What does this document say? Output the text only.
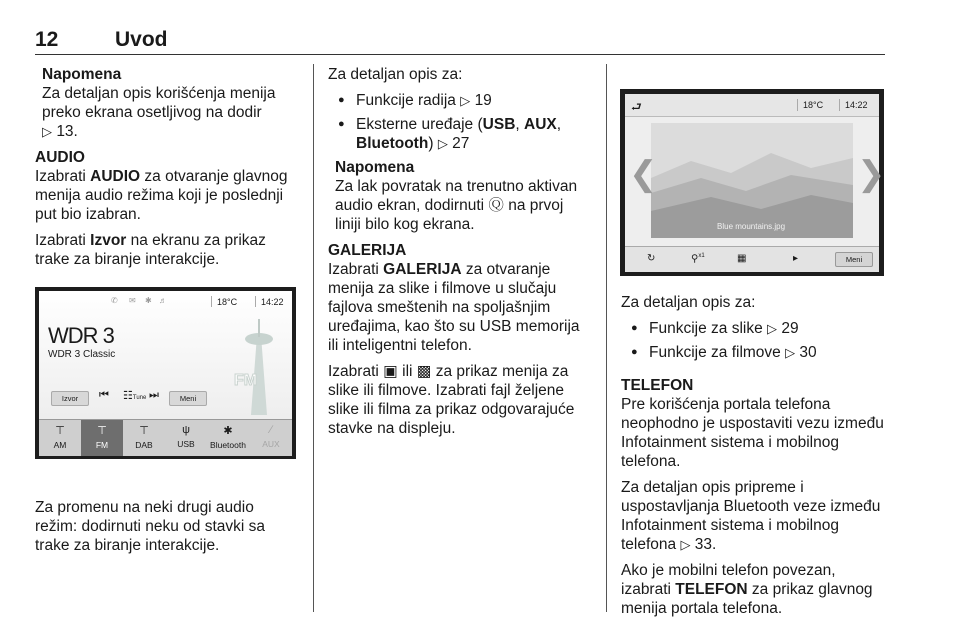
12	Uvod
Napomena
Za detaljan opis korišćenja menija preko ekrana osetljivog na dodir
▷ 13.
AUDIO

Izabrati AUDIO za otvaranje glavnog menija audio režima koji je poslednji put bio izabran.

Izabrati Izvor na ekranu za prikaz trake za biranje interakcije.

✆ ✉ ✱ ♬	18°C	14:22
WDR 3
WDR 3 Classic
FM
Izvor	⏮ ☷Tune ⏭	Meni
⊤
AM
⊤
FM
⊤
DAB
ψ
USB
✱
Bluetooth
∕
AUX

Za promenu na neki drugi audio režim: dodirnuti neku od stavki sa trake za biranje interakcije.

Za detaljan opis za:

● Funkcije radija ▷ 19
● Eksterne uređaje (USB, AUX, Bluetooth) ▷ 27
Napomena
Za lak povratak na trenutno aktivan audio ekran, dodirnuti Ⓠ na prvoj liniji bilo kog ekrana.
GALERIJA

Izabrati GALERIJA za otvaranje menija za slike i filmove u slučaju fajlova smeštenih na spoljašnjim uređajima, kao što su USB memorija ili inteligentni telefon.

Izabrati ▣ ili ▩ za prikaz menija za slike ili filmove. Izabrati fajl željene slike ili filma za prikaz odgovarajuće stavke na displeju.

⮐	18°C 14:22
Blue mountains.jpg
❮	❯
↻	⚲$^{x1}$	▦	▸	Meni

Za detaljan opis za:

● Funkcije za slike ▷ 29
● Funkcije za filmove ▷ 30
TELEFON

Pre korišćenja portala telefona neophodno je uspostaviti vezu između Infotainment sistema i mobilnog telefona.

Za detaljan opis pripreme i uspostavljanja Bluetooth veze između Infotainment sistema i mobilnog telefona ▷ 33.

Ako je mobilni telefon povezan, izabrati TELEFON za prikaz glavnog menija portala telefona.
